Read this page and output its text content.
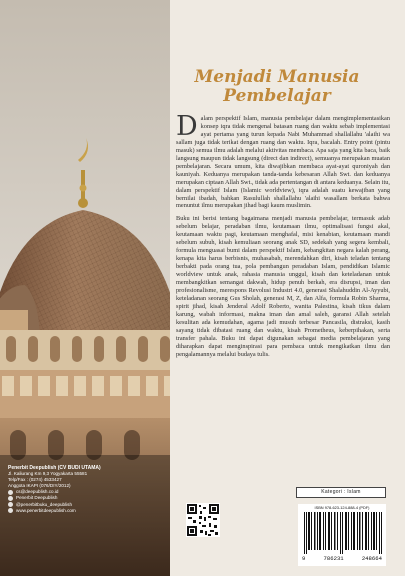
Menjadi Manusia
Pembelajar

Dalam perspektif Islam, manusia pembelajar dalam mengimplementasikan konsep iqra tidak mengenal batasan ruang dan waktu sebab implementasi ayat pertama yang turun kepada Nabi Muhammad shallallahu 'alaihi wa sallam juga tidak terikat dengan ruang dan waktu. Iqra, bacalah. Entry point (pintu masuk) semua ilmu adalah melalui aktivitas membaca. Apa saja yang kita baca, baik langsung maupun tidak langsung (direct dan indirect), semuanya merupakan muatan pembelajaran. Secara umum, kita diwajibkan membaca ayat-ayat quroniyah dan kauniyah. Keduanya merupakan tanda-tanda kebesaran Allah Swt. dan keduanya merupakan ciptaan Allah Swt., tidak ada pertentangan di antara keduanya. Selain itu, dalam perspektif Islam (Islamic worldview), iqra adalah suatu kewajiban yang bernilai ibadah, bahkan Rasulullah shallallahu 'alaihi wasallam berkata bahwa menuntut ilmu merupakan jihad bagi kaum muslimin.

Buku ini berisi tentang bagaimana menjadi manusia pembelajar, termasuk adab sebelum belajar, peradaban ilmu, keutamaan ilmu, optimalisasi fungsi akal, keutamaan waktu pagi, keutamaan menghafal, misi kenabian, keutamaan mandi sebelum subuh, kisah kemuliaan seorang anak SD, sedekah yang segera kembali, formula menguasai bumi dalam perspektif Islam, kebangkitan negara kalah perang, kenapa kita harus berbisnis, muhasabah, merendahkan diri, kisah teladan tentang berbakti pada orang tua, pola pembangun peradaban Islam, pendidikan Islamic worldview untuk anak, rahasia manusia unggul, kisah dan keteladanan untuk membangkitkan semangat dakwah, hidup penuh berkah, era disrupsi, iman dan profesionalisme, merespons Revolusi Industri 4.0, generasi Shalahuddin Al-Ayyubi, keteladanan seorang Gus Sholah, generasi M, Z, dan Alfa, formula Robin Sharma, spirit jihad, kisah Jenderal Adolf Roberto, wanita Palestina, kisah tikus dalam karung, wabah informasi, makna iman dan amal saleh, garansi Allah setelah kesulitan ada kemudahan, agama jadi musuh terbesar Pancasila, distraksi, kasih sayang tidak dibatasi ruang dan waktu, kisah Prometheus, keberpihakan, serta transfer pahala. Buku ini dapat digunakan sebagai media pembelajaran yang diharapkan dapat menginspirasi para pembaca untuk mengikatkan ilmu dan pengalamannya melalui budaya tulis.

Penerbit Deepublish (CV BUDI UTAMA)
Jl. Kaliurang Km 9,3 Yogyakarta 55581
Telp/Fax : (0274) 4533427
Anggota IKAPI (076/DIY/2012)
cs@deepublish.co.id
Penerbit Deepublish
@penerbitbuku_deepublish
www.penerbitdeepublish.com
Kategori : Islam
ISBN 978-623-124-888-4 (PDF)
9	786231	248664
